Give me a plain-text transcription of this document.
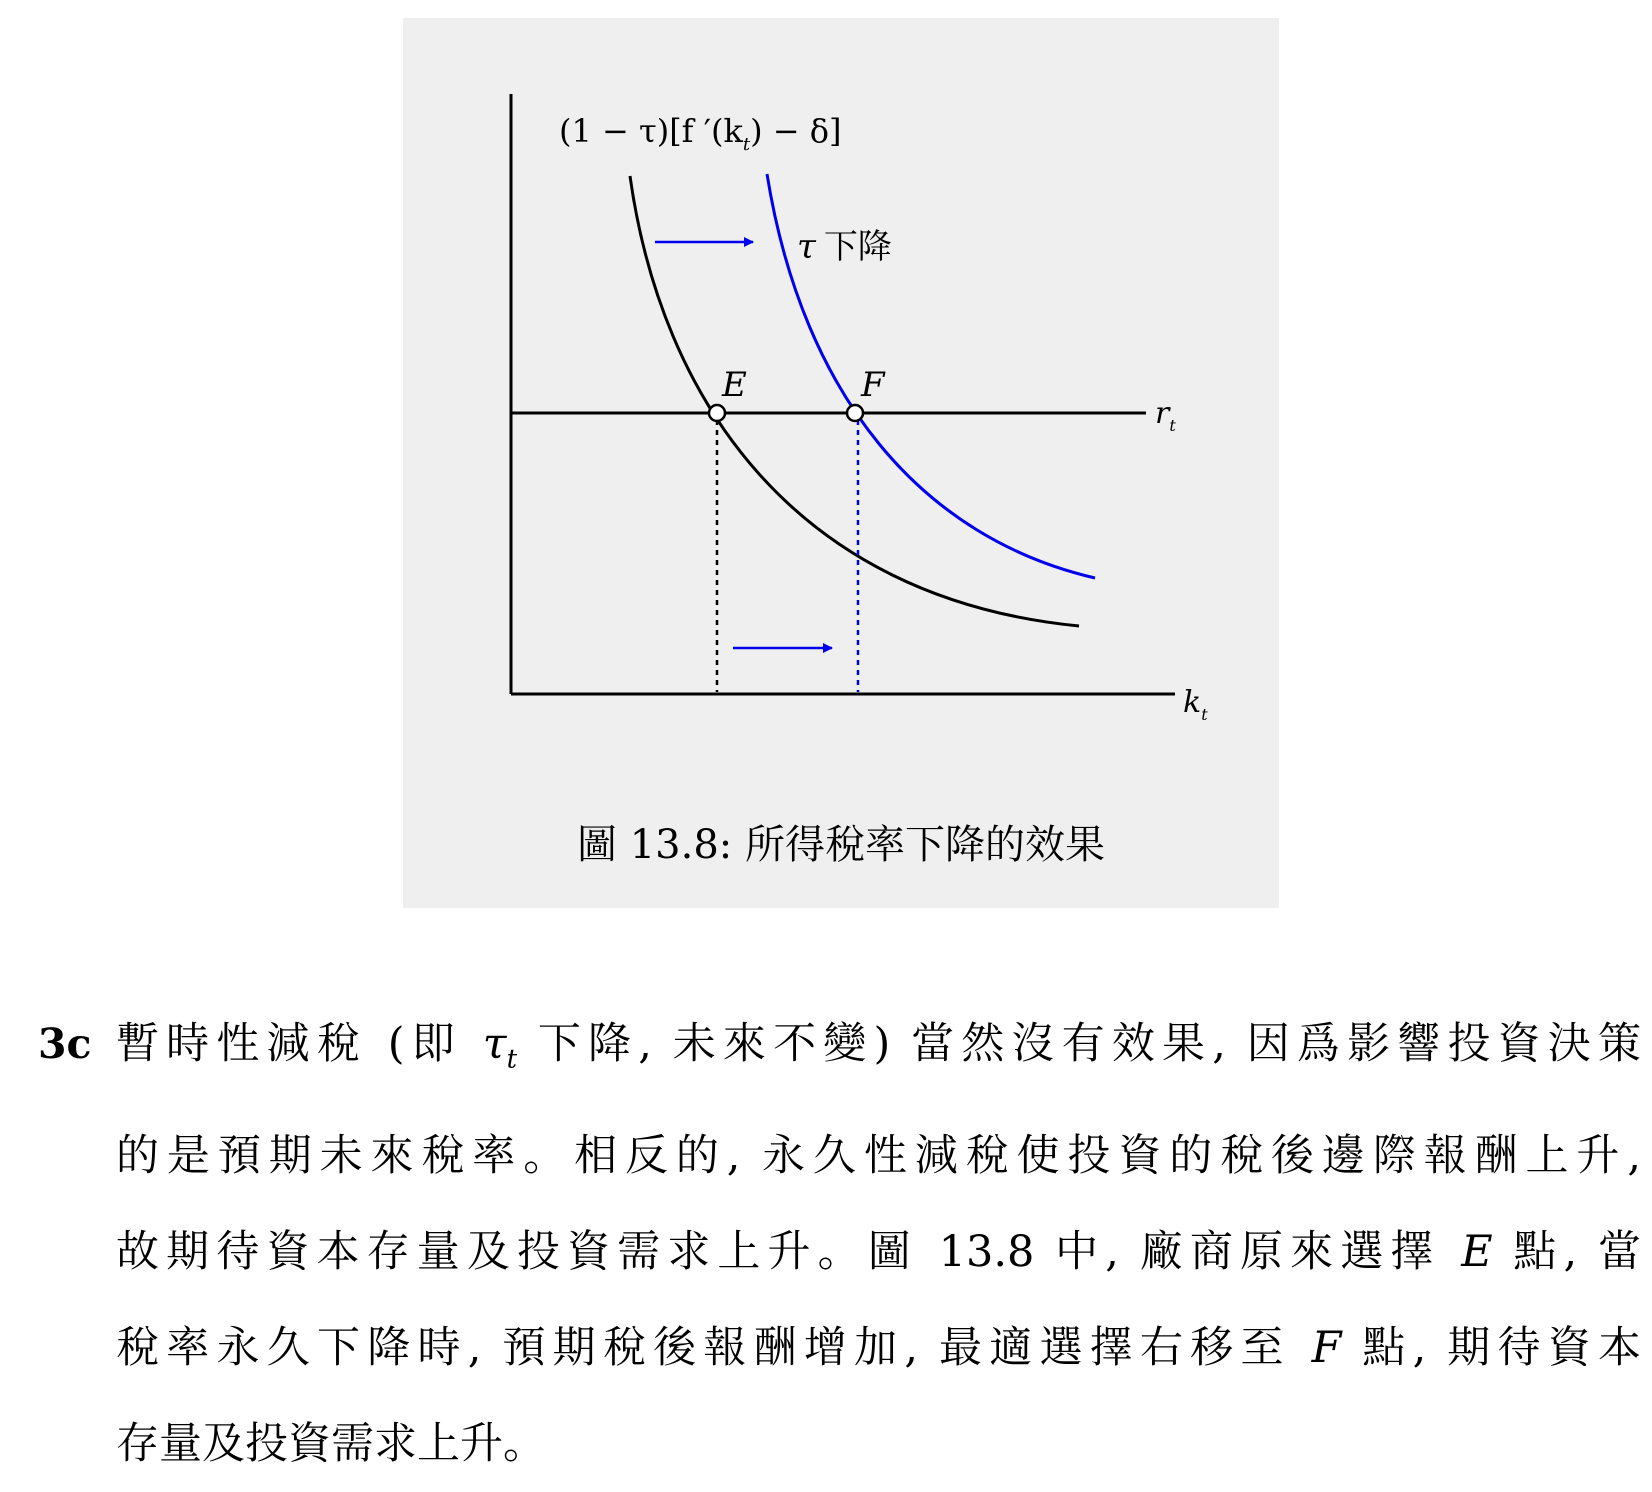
(1 − τ)[f $'(k_t) - \delta$]
τ 下降
E	F
$r_t$
$k_t$
圖 13.8: 所得稅率下降的效果
3c 暫時性減稅 (即 $\tau_t$ 下降, 未來不變) 當然沒有效果, 因爲影響投資決策
的是預期未來稅率。相反的, 永久性減稅使投資的稅後邊際報酬上升,
故期待資本存量及投資需求上升。圖 13.8 中, 廠商原來選擇 E 點, 當
稅率永久下降時, 預期稅後報酬增加, 最適選擇右移至 F 點, 期待資本
存量及投資需求上升。
